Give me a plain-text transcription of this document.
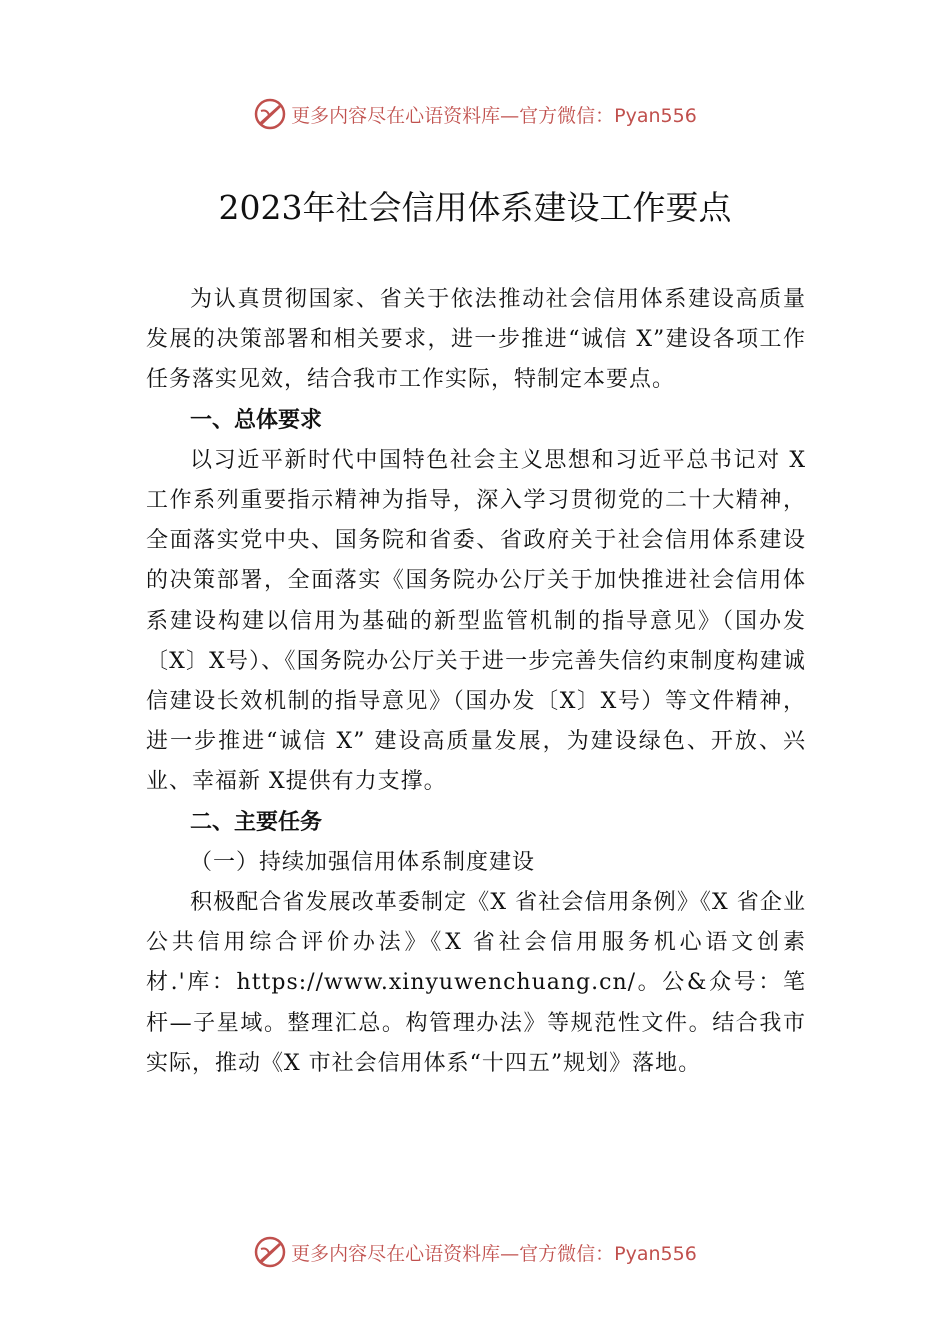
更多内容尽在心语资料库—官方微信：Pyan556
2023年社会信用体系建设工作要点

为认真贯彻国家、省关于依法推动社会信用体系建设高质量发展的决策部署和相关要求，进一步推进“诚信 X”建设各项工作任务落实见效，结合我市工作实际，特制定本要点。

一、总体要求

以习近平新时代中国特色社会主义思想和习近平总书记对 X工作系列重要指示精神为指导，深入学习贯彻党的二十大精神，全面落实党中央、国务院和省委、省政府关于社会信用体系建设的决策部署，全面落实《国务院办公厅关于加快推进社会信用体系建设构建以信用为基础的新型监管机制的指导意见》（国办发〔X〕X号）、《国务院办公厅关于进一步完善失信约束制度构建诚信建设长效机制的指导意见》（国办发〔X〕X号）等文件精神，进一步推进“诚信 X” 建设高质量发展，为建设绿色、开放、兴业、幸福新 X提供有力支撑。

二、主要任务

（一）持续加强信用体系制度建设

积极配合省发展改革委制定《X 省社会信用条例》《X 省企业公共信用综合评价办法》《X 省社会信用服务机心语文创素材.'库：https://www.xinyuwenchuang.cn/。公&众号：笔杆—子星域。整理汇总。构管理办法》等规范性文件。结合我市实际，推动《X 市社会信用体系“十四五”规划》落地。

更多内容尽在心语资料库—官方微信：Pyan556
